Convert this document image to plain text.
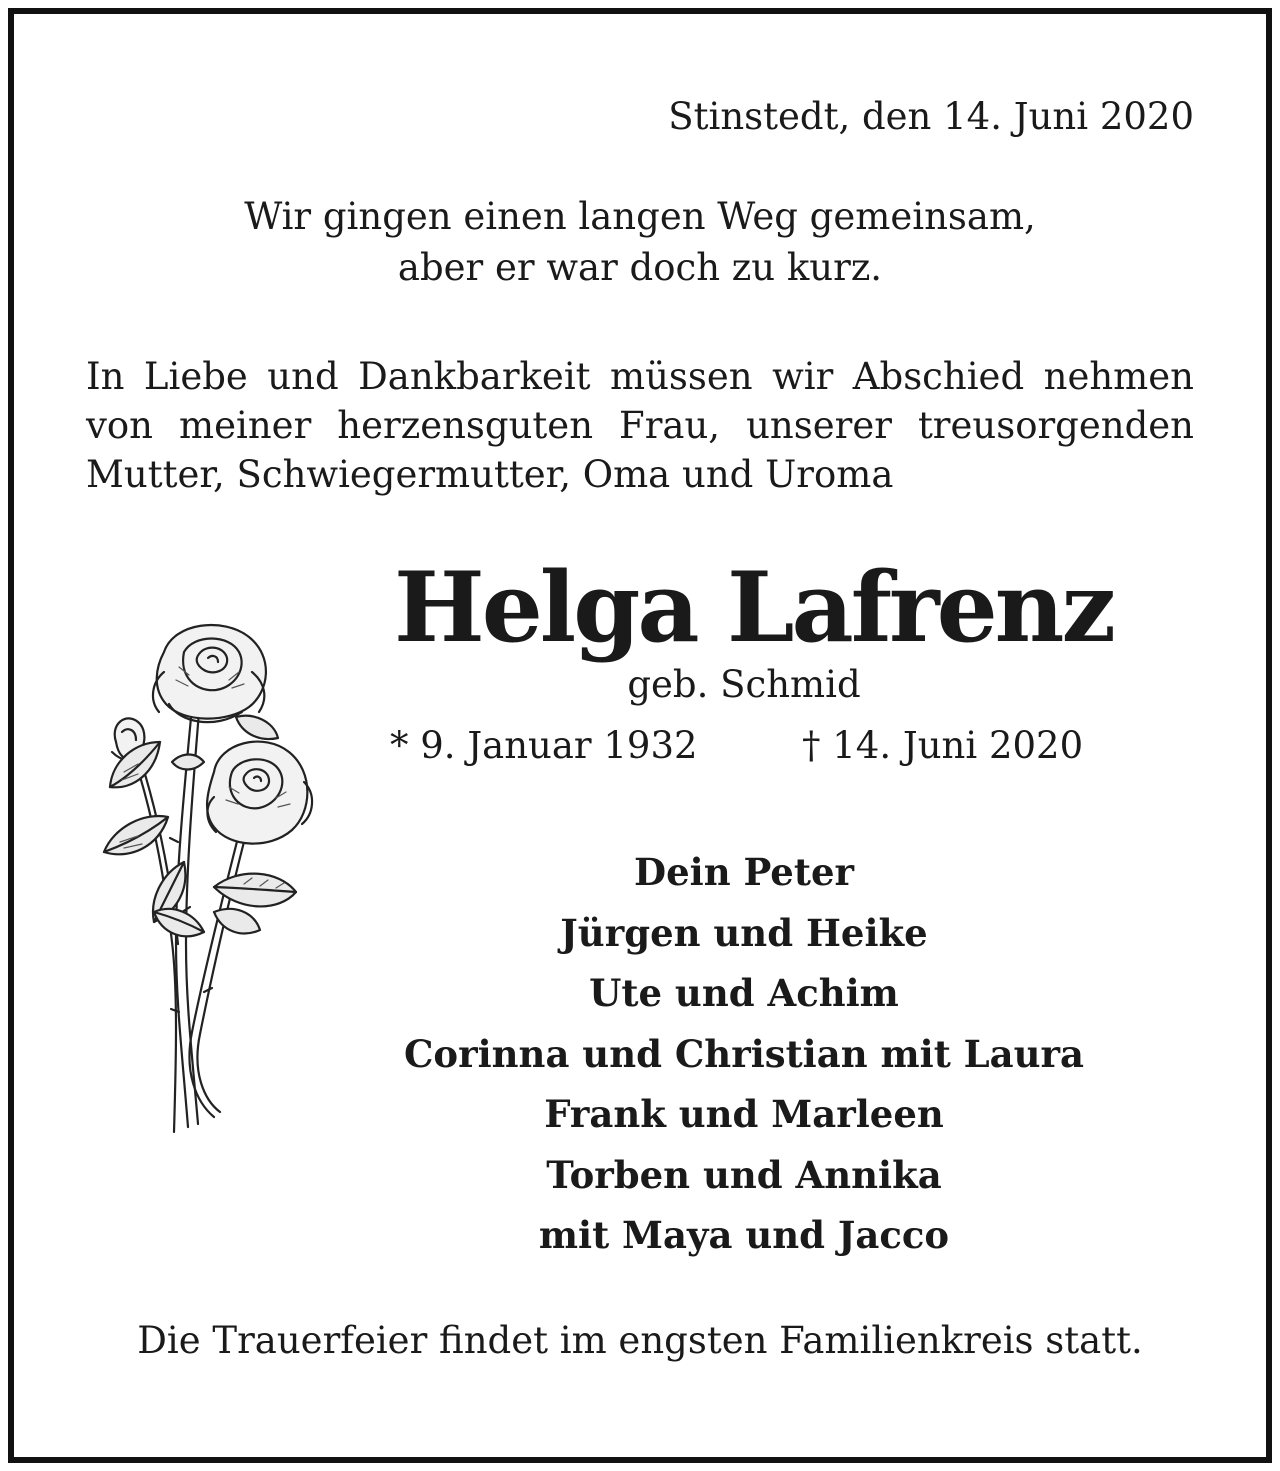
Stinstedt, den 14. Juni 2020
Wir gingen einen langen Weg gemeinsam,
aber er war doch zu kurz.
In Liebe und Dankbarkeit müssen wir Abschied nehmen
von meiner herzensguten Frau, unserer treusorgenden
Mutter, Schwiegermutter, Oma und Uroma
Helga Lafrenz
geb. Schmid
* 9. Januar 1932	† 14. Juni 2020
Dein Peter
Jürgen und Heike
Ute und Achim
Corinna und Christian mit Laura
Frank und Marleen
Torben und Annika
mit Maya und Jacco
Die Trauerfeier findet im engsten Familienkreis statt.
